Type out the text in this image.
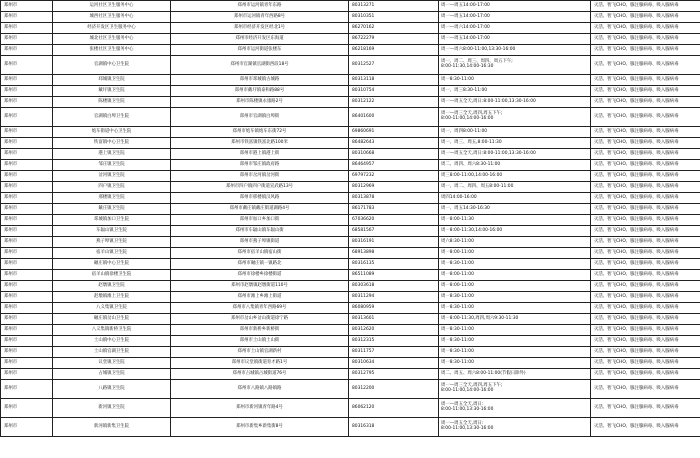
郑州市	运河社区卫生服务中心	郑州市运河镇青年东路	80313271	周一—周五14:00-17:00	灭活、智飞CHO、腺注腺病毒、吸入腺病毒
郑州市	城西社区卫生服务中心	郑州市运河镇青年西路8号	80310351	周一—周五14:00-17:00	灭活、智飞CHO、腺注腺病毒、吸入腺病毒
郑州市	经济开发区卫生服务中心	郑州市经济开发区经北1号	86270162	周一—周六14:00-17:00	灭活、智飞CHO、腺注腺病毒、吸入腺病毒
郑州市	城北社区卫生服务中心	郑州市经济开发区东海道	86722279	周一—周五14:00-17:00	灭活、智飞CHO、腺注腺病毒、吸入腺病毒
郑州市	张楼社区卫生服务中心	郑州市运河街道张楼东	86218169	周一—周六8:00-11:00,13:30-16:00	灭活、智飞CHO、腺注腺病毒、吸入腺病毒
郑州市	官湖镇中心卫生院	郑州市官湖镇官湖街西段18号	80312527	周一、周二、周三、周四、周五下午;
8:00-11:30,14:00-16:30	灭活、智飞CHO、腺注腺病毒、吸入腺病毒
郑州市	邳城镇卫生院	郑州市邳城镇古城路	80313118	周一8:30-11:00	灭活、智飞CHO、腺注腺病毒、吸入腺病毒
郑州市	戴圩镇卫生院	郑州市戴圩镇泰和路88号	80310754	周一、周三8:30-11:00	灭活、智飞CHO、腺注腺病毒、吸入腺病毒
郑州市	陈楼镇卫生院	郑州市陈楼镇永康路2号	80312122	周一—周五全天,周日:8:00-11:00,13:30-16:00	灭活、智飞CHO、腺注腺病毒、吸入腺病毒
郑州市	官湖镇白埠卫生院	郑州市官湖镇白埠街	86401600	周一—周三全天,周四,周五下午;
8:00-11:00,14:00-16:00	灭活、智飞CHO、腺注腺病毒、吸入腺病毒
郑州市	炮车街道中心卫生院	郑州市炮车镇炮车东街72号	69860691	周一、周四8:00-11:00	灭活、智飞CHO、腺注腺病毒、吸入腺病毒
郑州市	铁富镇中心卫生院	郑州市铁富镇铁富北路100米	86482643	周一、周三、周五,8:00-11:30	灭活、智飞CHO、腺注腺病毒、吸入腺病毒
郑州市	港上镇卫生院	郑州市港上镇港上街	80310668	周一—周五全天,周日:8:00-11:00,13:30-16:00	灭活、智飞CHO、腺注腺病毒、吸入腺病毒
郑州市	邹庄镇卫生院	郑州市邹庄镇政府路	86464957	周二、周四、周六8:30-11:00	灭活、智飞CHO、腺注腺病毒、吸入腺病毒
郑州市	岔河镇卫生院	郑州市岔河镇岔河街	69797232	周三8:00-11:00,14:00-16:00	灭活、智飞CHO、腺注腺病毒、吸入腺病毒
郑州市	四户镇卫生院	郑州市四户镇四户街道宣武路13号	80312969	周一、周二、周四、周五8:00-11:00	灭活、智飞CHO、腺注腺病毒、吸入腺病毒
郑州市	邢楼镇卫生院	郑州市邢楼镇汉风路	80313878	周四14:00-16:00	灭活、智飞CHO、腺注腺病毒、吸入腺病毒
郑州市	戴庄镇卫生院	郑州市戴庄镇戴庄街道湖路4号	86171783	周一、周五14:30-16:30	灭活、智飞CHO、腺注腺病毒、吸入腺病毒
郑州市	邳城镇加口卫生院	郑州市加口乡加口街	67036620	周一8:00-11:30	灭活、智飞CHO、腺注腺病毒、吸入腺病毒
郑州市	车辐山镇卫生院	郑州市车辐山镇车辐山街	68581567	周一8:00-11:30,14:00-16:00	灭活、智飞CHO、腺注腺病毒、吸入腺病毒
郑州市	燕子埠镇卫生院	郑州市燕子埠镇街道	80316191	周六8:30-11:00	灭活、智飞CHO、腺注腺病毒、吸入腺病毒
郑州市	宿羊山镇卫生院	郑州市宿羊山镇宿山街	68913898	周一8:00-11:00	灭活、智飞CHO、腺注腺病毒、吸入腺病毒
郑州市	碾庄镇中心卫生院	郑州市碾庄镇一镇路北	80316135	周一8:30-11:00	灭活、智飞CHO、腺注腺病毒、吸入腺病毒
郑州市	宿羊山镇徐楼卫生院	郑州市徐楼乡徐楼街道	86511089	周一8:00-11:00	灭活、智飞CHO、腺注腺病毒、吸入腺病毒
郑州市	赵墩镇卫生院	郑州市赵墩镇赵墩街道110号	80303618	周一8:00-11:00	灭活、智飞CHO、腺注腺病毒、吸入腺病毒
郑州市	赵墩镇滩上卫生院	郑州市滩上乡滩上街道	80311294	周一8:30-11:00	灭活、智飞CHO、腺注腺病毒、吸入腺病毒
郑州市	八义集镇卫生院	郑州市八集镇青年西路69号	86080959	周一8:30-11:00	灭活、智飞CHO、腺注腺病毒、吸入腺病毒
郑州市	碾庄镇岔山卫生院	郑州市岔山乡岔山街道徐宁路	80313601	周一8:00-11:30,周四,周六9:30-11:30	灭活、智飞CHO、腺注腺病毒、吸入腺病毒
郑州市	八义集镇新桥卫生院	郑州市新桥乡新桥街	80312620	周一8:30-11:00	灭活、智飞CHO、腺注腺病毒、吸入腺病毒
郑州市	土山镇中心卫生院	郑州市土山镇土山街	80312315	周一8:30-11:00	灭活、智飞CHO、腺注腺病毒、吸入腺病毒
郑州市	土山镇官湖卫生院	郑州市土山镇官湖新村	80311757	周一8:30-11:00	灭活、智飞CHO、腺注腺病毒、吸入腺病毒
郑州市	议堂镇卫生院	郑州市议堂镇街道育才路1号	80310634	周一8:30-11:00	灭活、智飞CHO、腺注腺病毒、吸入腺病毒
郑州市	占城镇卫生院	郑州市占城镇占城街道76号	80312795	周二、周五、周六8:00-11:00(节假日除外)	灭活、智飞CHO、腺注腺病毒、吸入腺病毒
郑州市	八路镇卫生院	郑州市八路镇八路镇路	80312200	周一—周三全天,周四,周五下午;
8:00-11:00,14:00-16:00	灭活、智飞CHO、腺注腺病毒、吸入腺病毒
郑州市	新河镇卫生院	郑州市新河镇青年路4号	86062120	周一—周五全天,周日:
8:00-11:00,13:30-16:00	灭活、智飞CHO、腺注腺病毒、吸入腺病毒
郑州市	新河镇新集卫生院	郑州市新集乡新集街8号	80316318	周一—周五全天,周日:
8:00-11:00,13:30-16:00	灭活、智飞CHO、腺注腺病毒、吸入腺病毒
